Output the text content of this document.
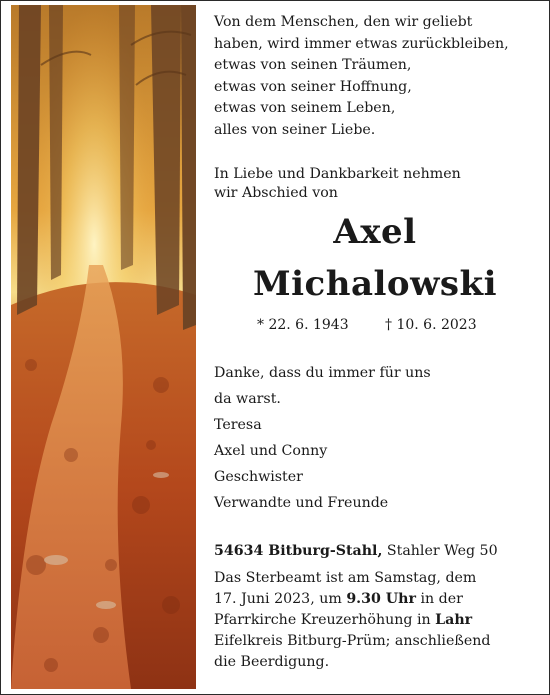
Von dem Menschen, den wir geliebt
haben, wird immer etwas zurückbleiben,
etwas von seinen Träumen,
etwas von seiner Hoffnung,
etwas von seinem Leben,
alles von seiner Liebe.
In Liebe und Dankbarkeit nehmen
wir Abschied von
Axel
Michalowski
* 22. 6. 1943	† 10. 6. 2023
Danke, dass du immer für uns
da warst.
Teresa
Axel und Conny
Geschwister
Verwandte und Freunde
54634 Bitburg-Stahl, Stahler Weg 50
Das Sterbeamt ist am Samstag, dem
17. Juni 2023, um 9.30 Uhr in der
Pfarrkirche Kreuzerhöhung in Lahr
Eifelkreis Bitburg-Prüm; anschließend
die Beerdigung.
